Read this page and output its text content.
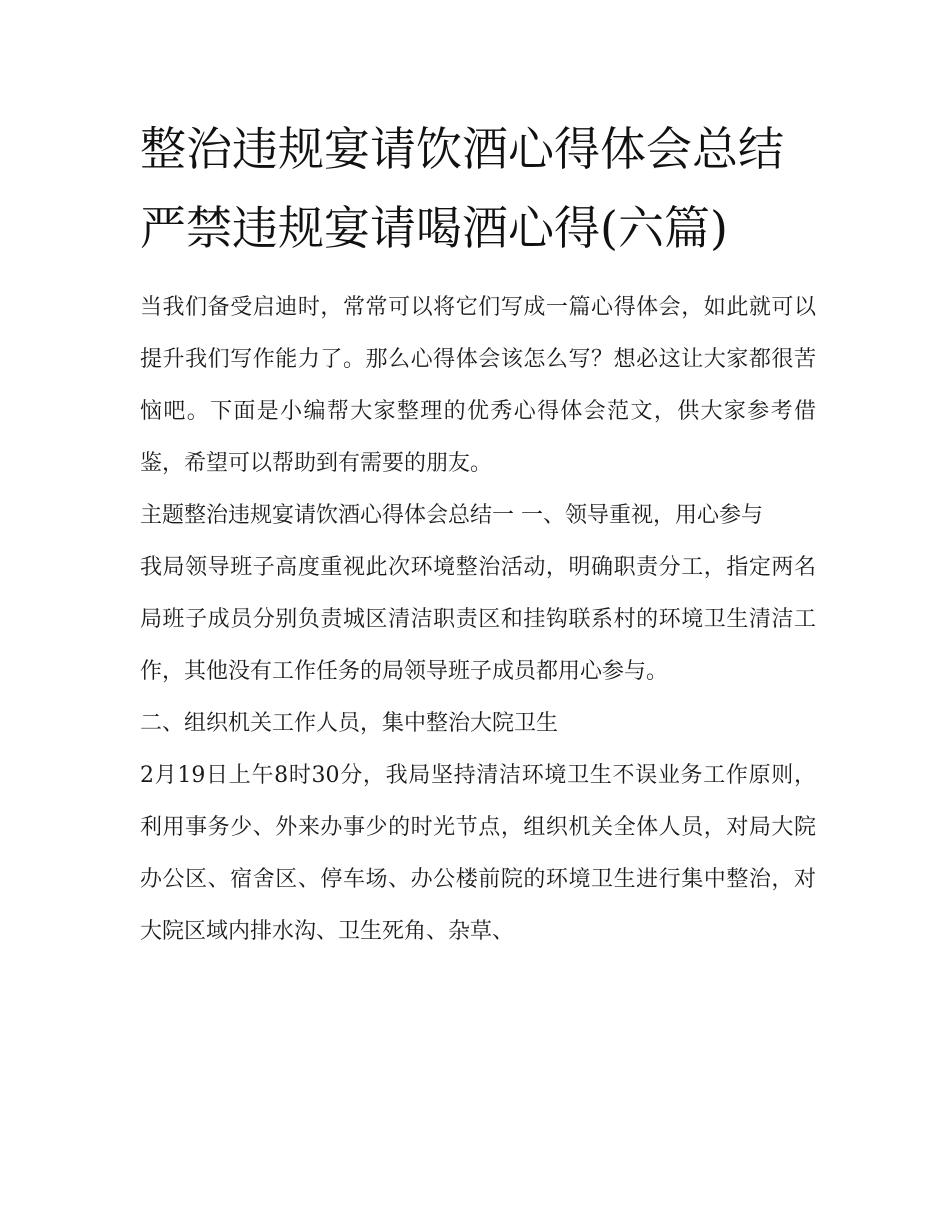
整治违规宴请饮酒心得体会总结 严禁违规宴请喝酒心得(六篇)

当我们备受启迪时，常常可以将它们写成一篇心得体会，如此就可以提升我们写作能力了。那么心得体会该怎么写？想必这让大家都很苦恼吧。下面是小编帮大家整理的优秀心得体会范文，供大家参考借鉴，希望可以帮助到有需要的朋友。

主题整治违规宴请饮酒心得体会总结一 一、领导重视，用心参与

我局领导班子高度重视此次环境整治活动，明确职责分工，指定两名局班子成员分别负责城区清洁职责区和挂钩联系村的环境卫生清洁工作，其他没有工作任务的局领导班子成员都用心参与。

二、组织机关工作人员，集中整治大院卫生

2月19日上午8时30分，我局坚持清洁环境卫生不误业务工作原则，利用事务少、外来办事少的时光节点，组织机关全体人员，对局大院办公区、宿舍区、停车场、办公楼前院的环境卫生进行集中整治，对大院区域内排水沟、卫生死角、杂草、
